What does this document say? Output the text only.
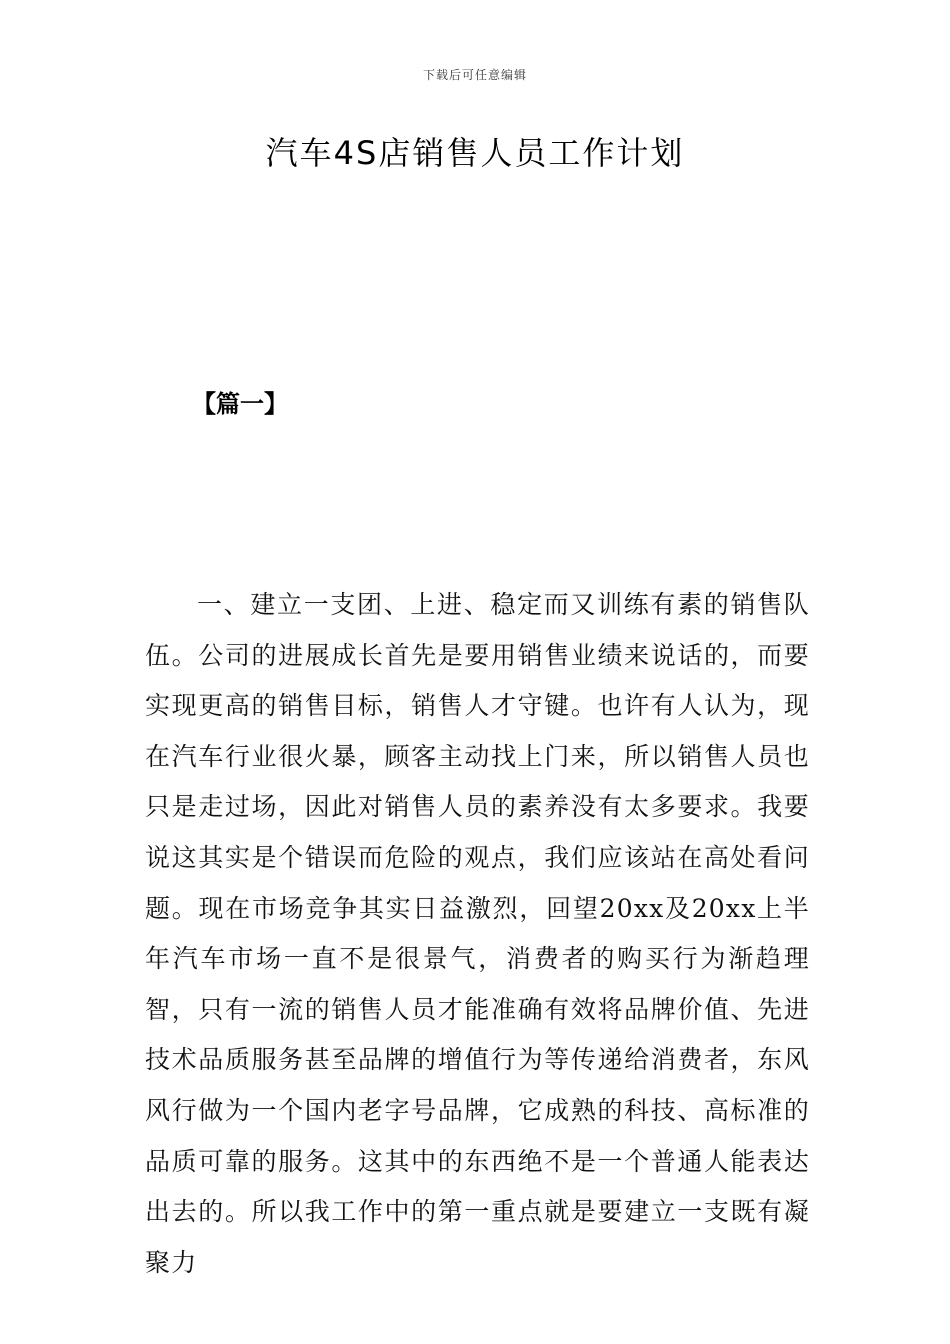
下载后可任意编辑
汽车4S店销售人员工作计划
【篇一】

一、建立一支团、上进、稳定而又训练有素的销售队伍。公司的进展成长首先是要用销售业绩来说话的，而要实现更高的销售目标，销售人才守键。也许有人认为，现在汽车行业很火暴，顾客主动找上门来，所以销售人员也只是走过场，因此对销售人员的素养没有太多要求。我要说这其实是个错误而危险的观点，我们应该站在高处看问题。现在市场竞争其实日益激烈，回望20xx及20xx上半年汽车市场一直不是很景气，消费者的购买行为渐趋理智，只有一流的销售人员才能准确有效将品牌价值、先进技术品质服务甚至品牌的增值行为等传递给消费者，东风风行做为一个国内老字号品牌，它成熟的科技、高标准的品质可靠的服务。这其中的东西绝不是一个普通人能表达出去的。所以我工作中的第一重点就是要建立一支既有凝聚力
